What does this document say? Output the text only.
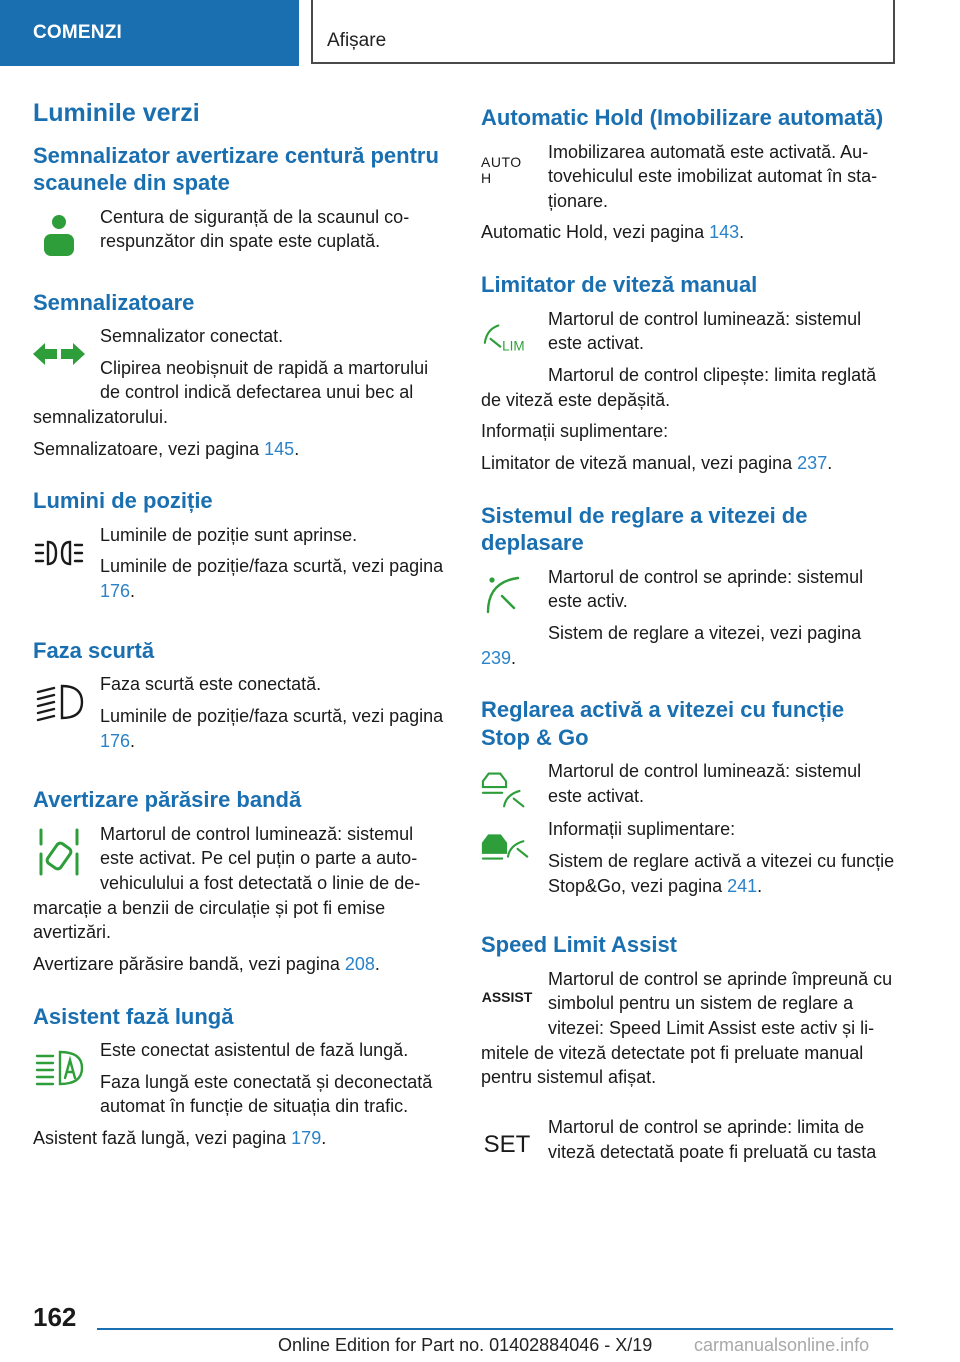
COMENZI	Afișare
Luminile verzi
Semnalizator avertizare centură pentru scaunele din spate

Centura de siguranță de la scaunul corespunzător din spate este cuplată.

Semnalizatoare

Semnalizator conectat.

Clipirea neobișnuit de rapidă a martorului de control indică defectarea unui bec al semnalizatorului.

Semnalizatoare, vezi pagina 145.

Lumini de poziție

Luminile de poziție sunt aprinse.

Luminile de poziție/faza scurtă, vezi pagina 176.

Faza scurtă

Faza scurtă este conectată.

Luminile de poziție/faza scurtă, vezi pagina 176.

Avertizare părăsire bandă

Martorul de control luminează: sistemul este activat. Pe cel puțin o parte a autovehiculului a fost detectată o linie de demarcație a benzii de circulație și pot fi emise avertizări.

Avertizare părăsire bandă, vezi pagina 208.

Asistent fază lungă

Este conectat asistentul de fază lungă.

Faza lungă este conectată și deconectată automat în funcție de situația din trafic.

Asistent fază lungă, vezi pagina 179.

Automatic Hold (Imobilizare automată)
AUTO H

Imobilizarea automată este activată. Autovehiculul este imobilizat automat în staționare.

Automatic Hold, vezi pagina 143.

Limitator de viteză manual
LIM

Martorul de control luminează: sistemul este activat.

Martorul de control clipește: limita reglată de viteză este depășită.

Informații suplimentare:

Limitator de viteză manual, vezi pagina 237.

Sistemul de reglare a vitezei de deplasare

Martorul de control se aprinde: sistemul este activ.

Sistem de reglare a vitezei, vezi pagina 239.

Reglarea activă a vitezei cu funcție Stop & Go

Martorul de control luminează: sistemul este activat.

Informații suplimentare:

Sistem de reglare activă a vitezei cu funcție Stop&Go, vezi pagina 241.

Speed Limit Assist
ASSIST

Martorul de control se aprinde împreună cu simbolul pentru un sistem de reglare a vitezei: Speed Limit Assist este activ și limitele de viteză detectate pot fi preluate manual pentru sistemul afișat.

SET

Martorul de control se aprinde: limita de viteză detectată poate fi preluată cu tasta

162
Online Edition for Part no. 01402884046 - X/19 carmanualsonline.info
